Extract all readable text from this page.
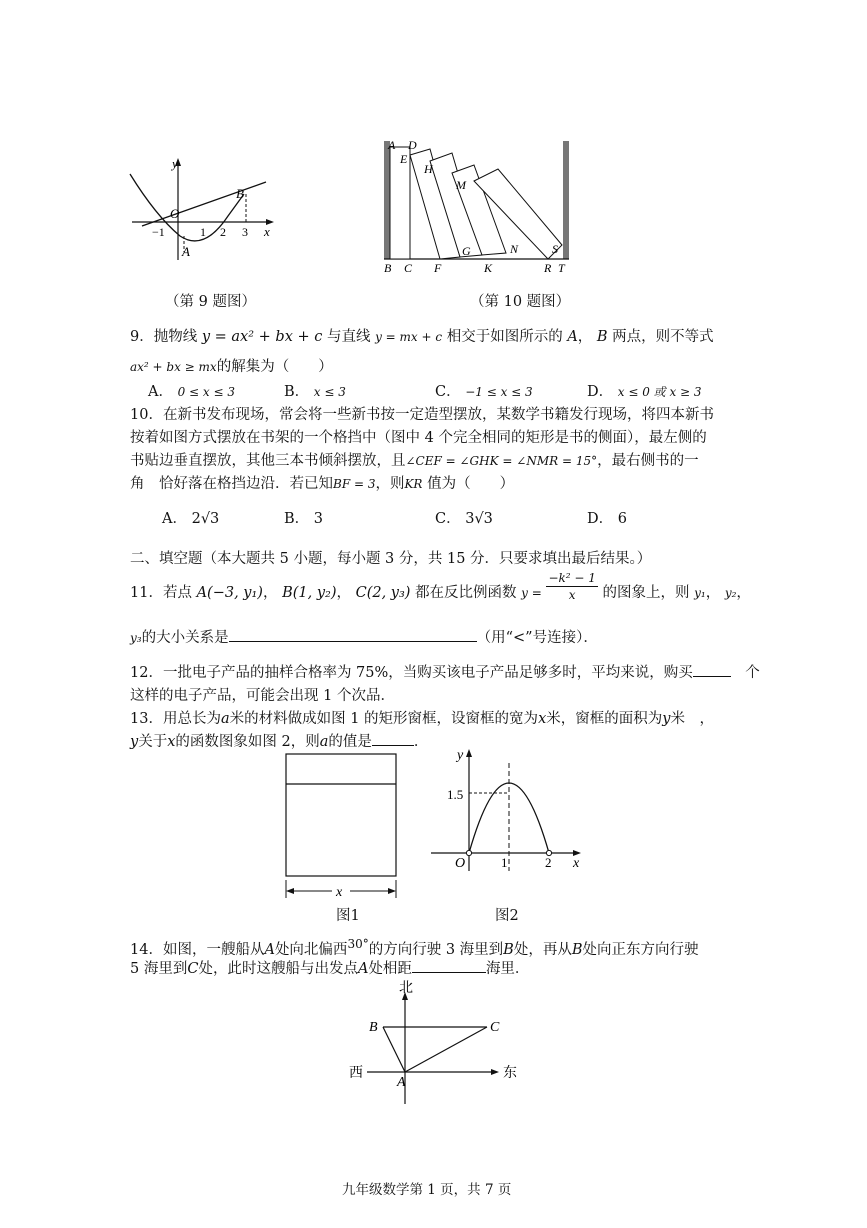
y
x
O
B
A
−1	1 2 3
A D
E
H
M
S
G	N
B C F	K	R T
（第 9 题图）	（第 10 题图）
9．抛物线 y = ax² + bx + c 与直线 y = mx + c 相交于如图所示的 A， B 两点，则不等式
ax² + bx ≥ mx的解集为（　　）
A． 0 ≤ x ≤ 3	B． x ≤ 3	C． −1 ≤ x ≤ 3	D． x ≤ 0 或 x ≥ 3
10．在新书发布现场，常会将一些新书按一定造型摆放，某数学书籍发行现场，将四本新书
按着如图方式摆放在书架的一个格挡中（图中 4 个完全相同的矩形是书的侧面），最左侧的
书贴边垂直摆放，其他三本书倾斜摆放，且∠CEF = ∠GHK = ∠NMR = 15°，最右侧书的一
角　恰好落在格挡边沿．若已知BF = 3，则KR 值为（　　）
A． 2√3	B． 3	C． 3√3	D． 6
二、填空题（本大题共 5 小题，每小题 3 分，共 15 分．只要求填出最后结果。）
11．若点 A(−3, y₁)， B(1, y₂)， C(2, y₃) 都在反比例函数 $y = \frac{\text{−k² − 1}}{x}$ 的图象上，则 y₁， y₂，
y₃的大小关系是	（用“<”号连接）．
12．一批电子产品的抽样合格率为 75%，当购买该电子产品足够多时，平均来说，购买　	个
这样的电子产品，可能会出现 1 个次品．
13．用总长为a米的材料做成如图 1 的矩形窗框，设窗框的宽为x米，窗框的面积为y米　，
y关于x的函数图象如图 2，则a的值是	．
x
图1
y
x
O
1.5
1	2
图2
14．如图，一艘船从A处向北偏西$^{30^\circ}$的方向行驶 3 海里到B处，再从B处向正东方向行驶
5 海里到C处，此时这艘船与出发点A处相距	海里．
北
西	东
A
B	C
九年级数学第 1 页，共 7 页
